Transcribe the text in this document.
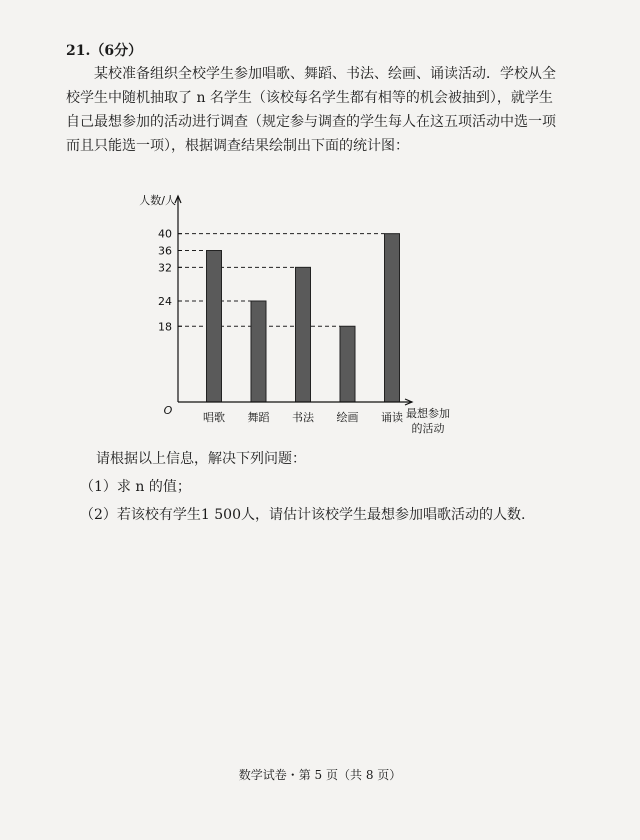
21.（6分）
某校准备组织全校学生参加唱歌、舞蹈、书法、绘画、诵读活动．学校从全校学生中随机抽取了 n 名学生（该校每名学生都有相等的机会被抽到），就学生自己最想参加的活动进行调查（规定参与调查的学生每人在这五项活动中选一项而且只能选一项），根据调查结果绘制出下面的统计图：
18
24
32
36
40
唱歌 舞蹈 书法 绘画 诵读
人数/人
最想参加
的活动
O
请根据以上信息，解决下列问题：
（1）求 n 的值；
（2）若该校有学生1 500人，请估计该校学生最想参加唱歌活动的人数.
数学试卷・第 5 页（共 8 页）
